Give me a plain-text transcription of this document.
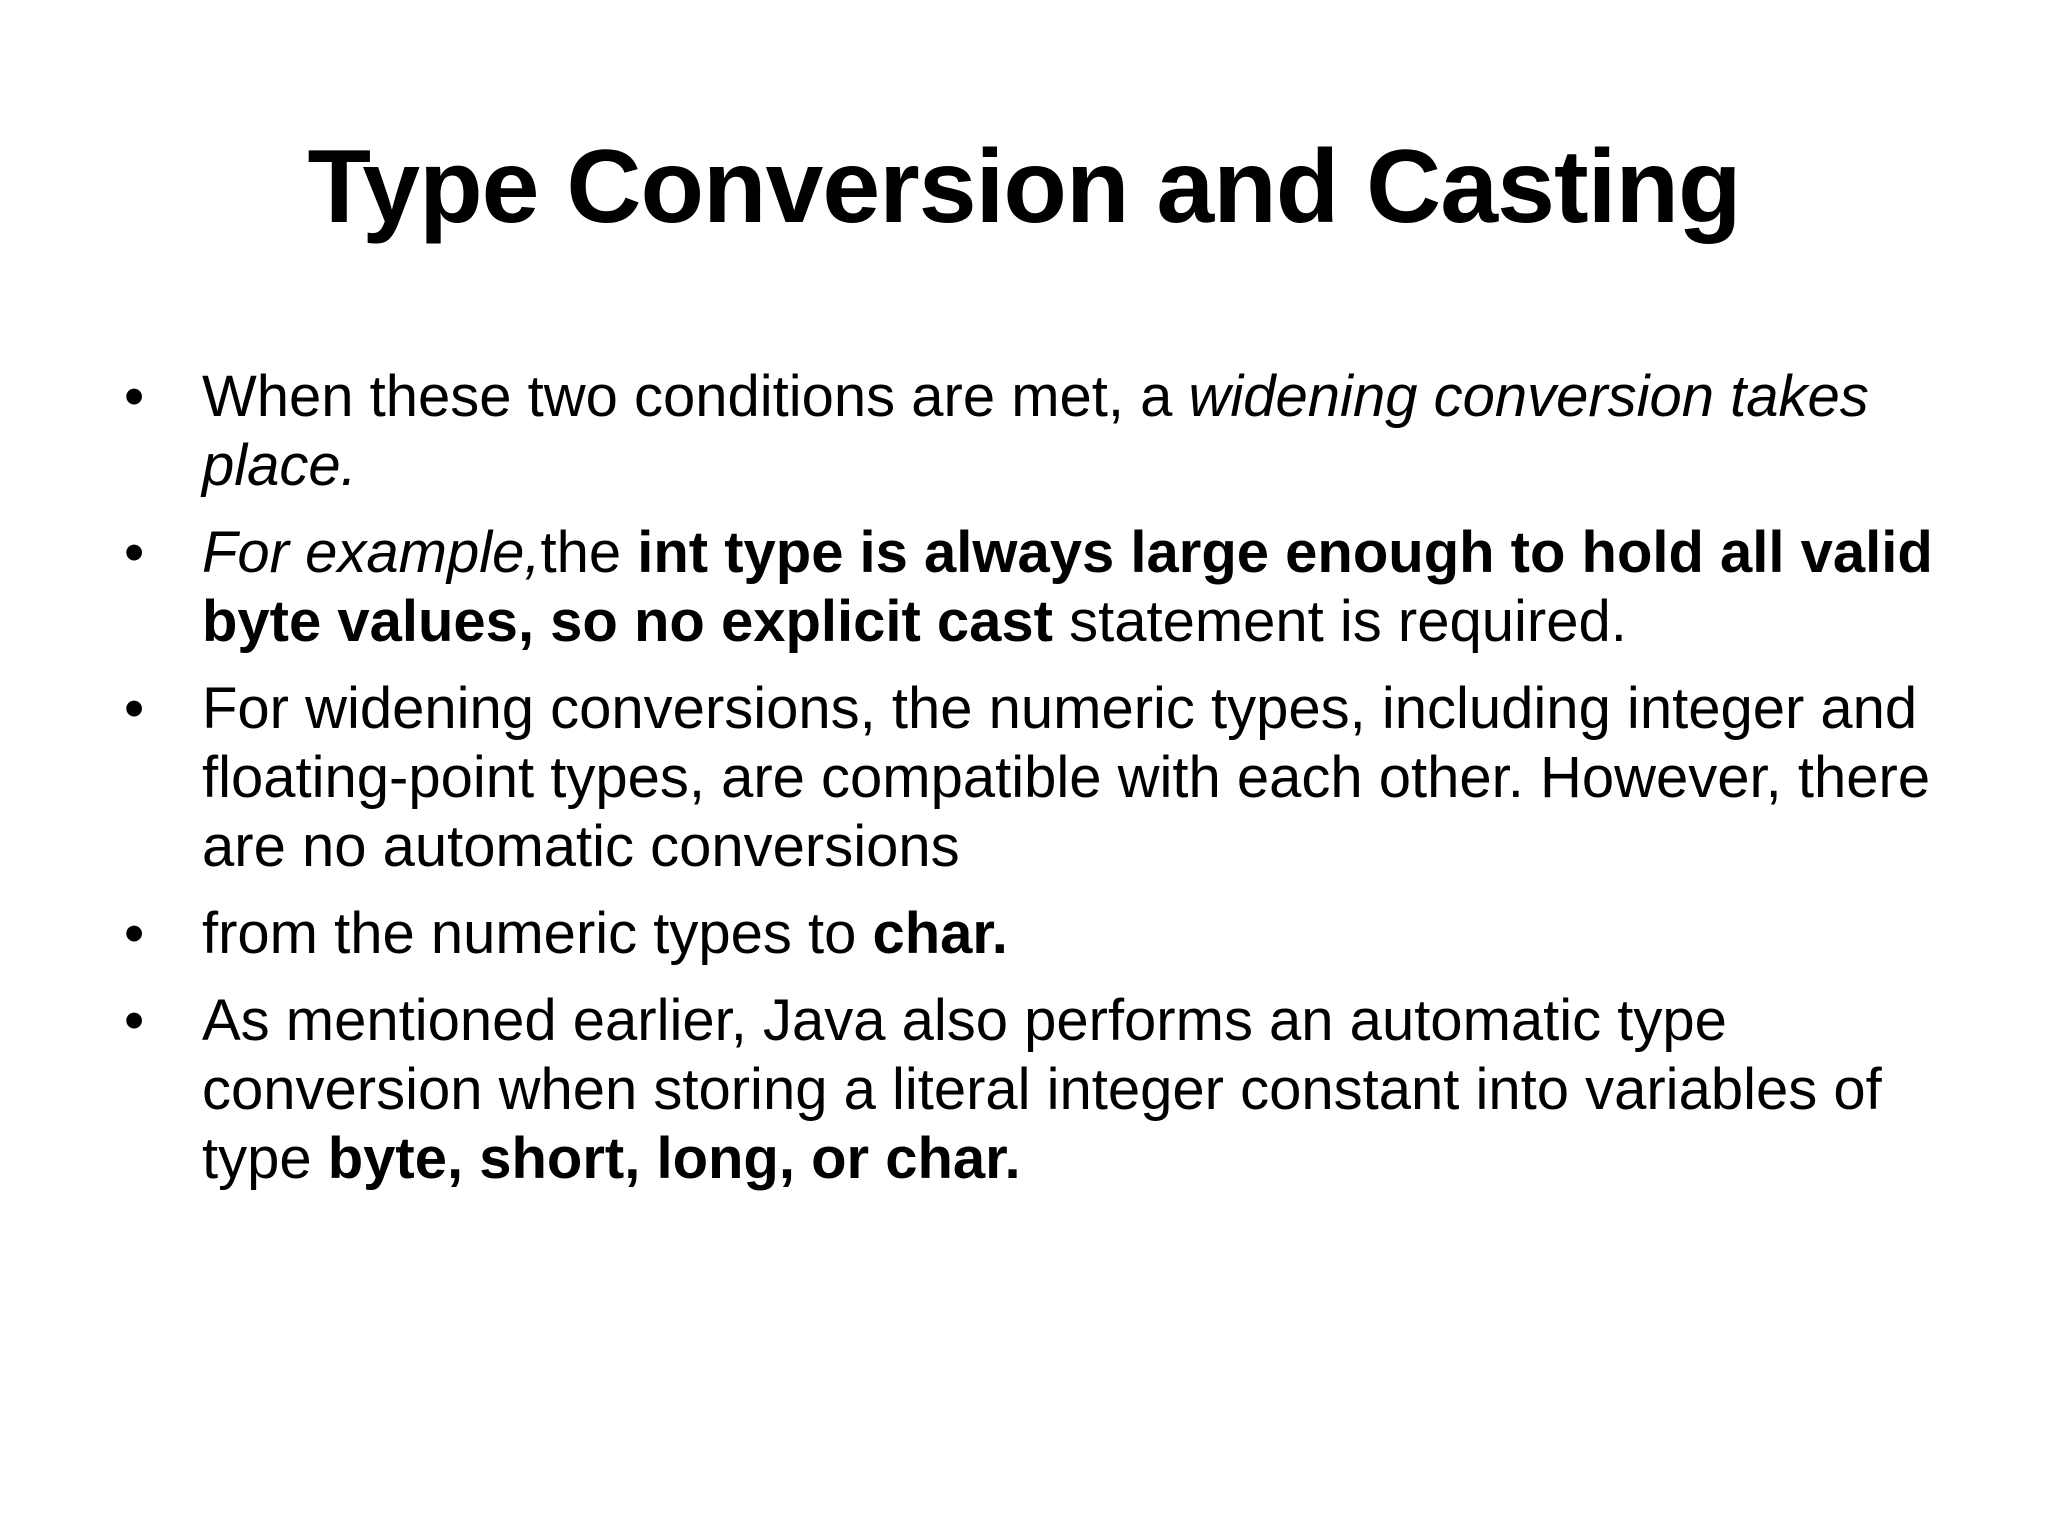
Type Conversion and Casting
• When these two conditions are met, a widening conversion takes place.
• For example,the int type is always large enough to hold all valid byte values, so no explicit cast statement is required.
• For widening conversions, the numeric types, including integer and floating-point types, are compatible with each other. However, there are no automatic conversions
• from the numeric types to char.
• As mentioned earlier, Java also performs an automatic type conversion when storing a literal integer constant into variables of type byte, short, long, or char.
